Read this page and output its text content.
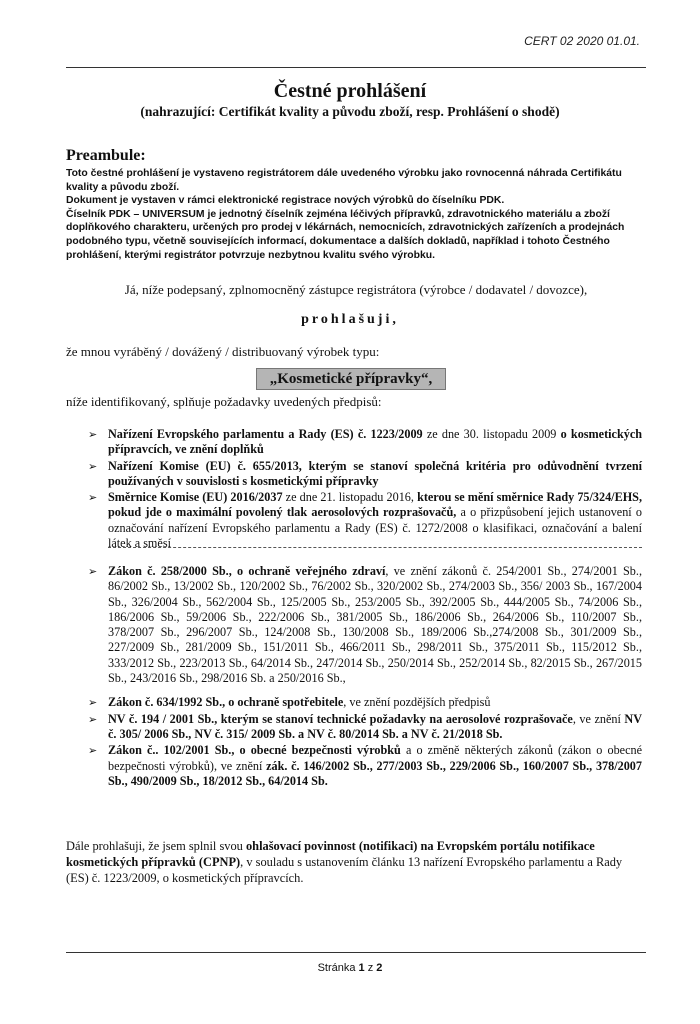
CERT 02 2020 01.01.
Čestné prohlášení
(nahrazující: Certifikát kvality a původu zboží, resp. Prohlášení o shodě)
Preambule:

Toto čestné prohlášení je vystaveno registrátorem dále uvedeného výrobku jako rovnocenná náhrada Certifikátu kvality a původu zboží.

Dokument je vystaven v rámci elektronické registrace nových výrobků do číselníku PDK.

Číselník PDK – UNIVERSUM je jednotný číselník zejména léčivých přípravků, zdravotnického materiálu a zboží doplňkového charakteru, určených pro prodej v lékárnách, nemocnicích, zdravotnických zařízeních a prodejnách podobného typu, včetně souvisejících informací, dokumentace a dalších dokladů, například i tohoto Čestného prohlášení, kterými registrátor potvrzuje nezbytnou kvalitu svého výrobku.

Já, níže podepsaný, zplnomocněný zástupce registrátora (výrobce / dodavatel / dovozce),
prohlašuji,
že mnou vyráběný / dovážený / distribuovaný výrobek typu:
„Kosmetické přípravky“,
níže identifikovaný, splňuje požadavky uvedených předpisů:
➢ Nařízení Evropského parlamentu a Rady (ES) č. 1223/2009 ze dne 30. listopadu 2009 o kosmetických přípravcích, ve znění doplňků
➢ Nařízení Komise (EU) č. 655/2013, kterým se stanoví společná kritéria pro odůvodnění tvrzení používaných v souvislosti s kosmetickými přípravky
➢ Směrnice Komise (EU) 2016/2037 ze dne 21. listopadu 2016, kterou se mění směrnice Rady 75/324/EHS, pokud jde o maximální povolený tlak aerosolových rozprašovačů, a o přizpůsobení jejich ustanovení o označování nařízení Evropského parlamentu a Rady (ES) č. 1272/2008 o klasifikaci, označování a balení látek a směsí
➢ Zákon č. 258/2000 Sb., o ochraně veřejného zdraví, ve znění zákonů č. 254/2001 Sb., 274/2001 Sb., 86/2002 Sb., 13/2002 Sb., 120/2002 Sb., 76/2002 Sb., 320/2002 Sb., 274/2003 Sb., 356/ 2003 Sb., 167/2004 Sb., 326/2004 Sb., 562/2004 Sb., 125/2005 Sb., 253/2005 Sb., 392/2005 Sb., 444/2005 Sb., 74/2006 Sb., 186/2006 Sb., 59/2006 Sb., 222/2006 Sb., 381/2005 Sb., 186/2006 Sb., 264/2006 Sb., 110/2007 Sb., 378/2007 Sb., 296/2007 Sb., 124/2008 Sb., 130/2008 Sb., 189/2006 Sb.,274/2008 Sb., 301/2009 Sb., 227/2009 Sb., 281/2009 Sb., 151/2011 Sb., 466/2011 Sb., 298/2011 Sb., 375/2011 Sb., 115/2012 Sb., 333/2012 Sb., 223/2013 Sb., 64/2014 Sb., 247/2014 Sb., 250/2014 Sb., 252/2014 Sb., 82/2015 Sb., 267/2015 Sb., 243/2016 Sb., 298/2016 Sb. a 250/2016 Sb.,
➢ Zákon č. 634/1992 Sb., o ochraně spotřebitele, ve znění pozdějších předpisů
➢ NV č. 194 / 2001 Sb., kterým se stanoví technické požadavky na aerosolové rozprašovače, ve znění NV č. 305/ 2006 Sb., NV č. 315/ 2009 Sb. a NV č. 80/2014 Sb. a NV č. 21/2018 Sb.
➢ Zákon č.. 102/2001 Sb., o obecné bezpečnosti výrobků a o změně některých zákonů (zákon o obecné bezpečnosti výrobků), ve znění zák. č. 146/2002 Sb., 277/2003 Sb., 229/2006 Sb., 160/2007 Sb., 378/2007 Sb., 490/2009 Sb., 18/2012 Sb., 64/2014 Sb.
Dále prohlašuji, že jsem splnil svou ohlašovací povinnost (notifikaci) na Evropském portálu notifikace kosmetických přípravků (CPNP), v souladu s ustanovením článku 13 nařízení Evropského parlamentu a Rady (ES) č. 1223/2009, o kosmetických přípravcích.
Stránka 1 z 2
